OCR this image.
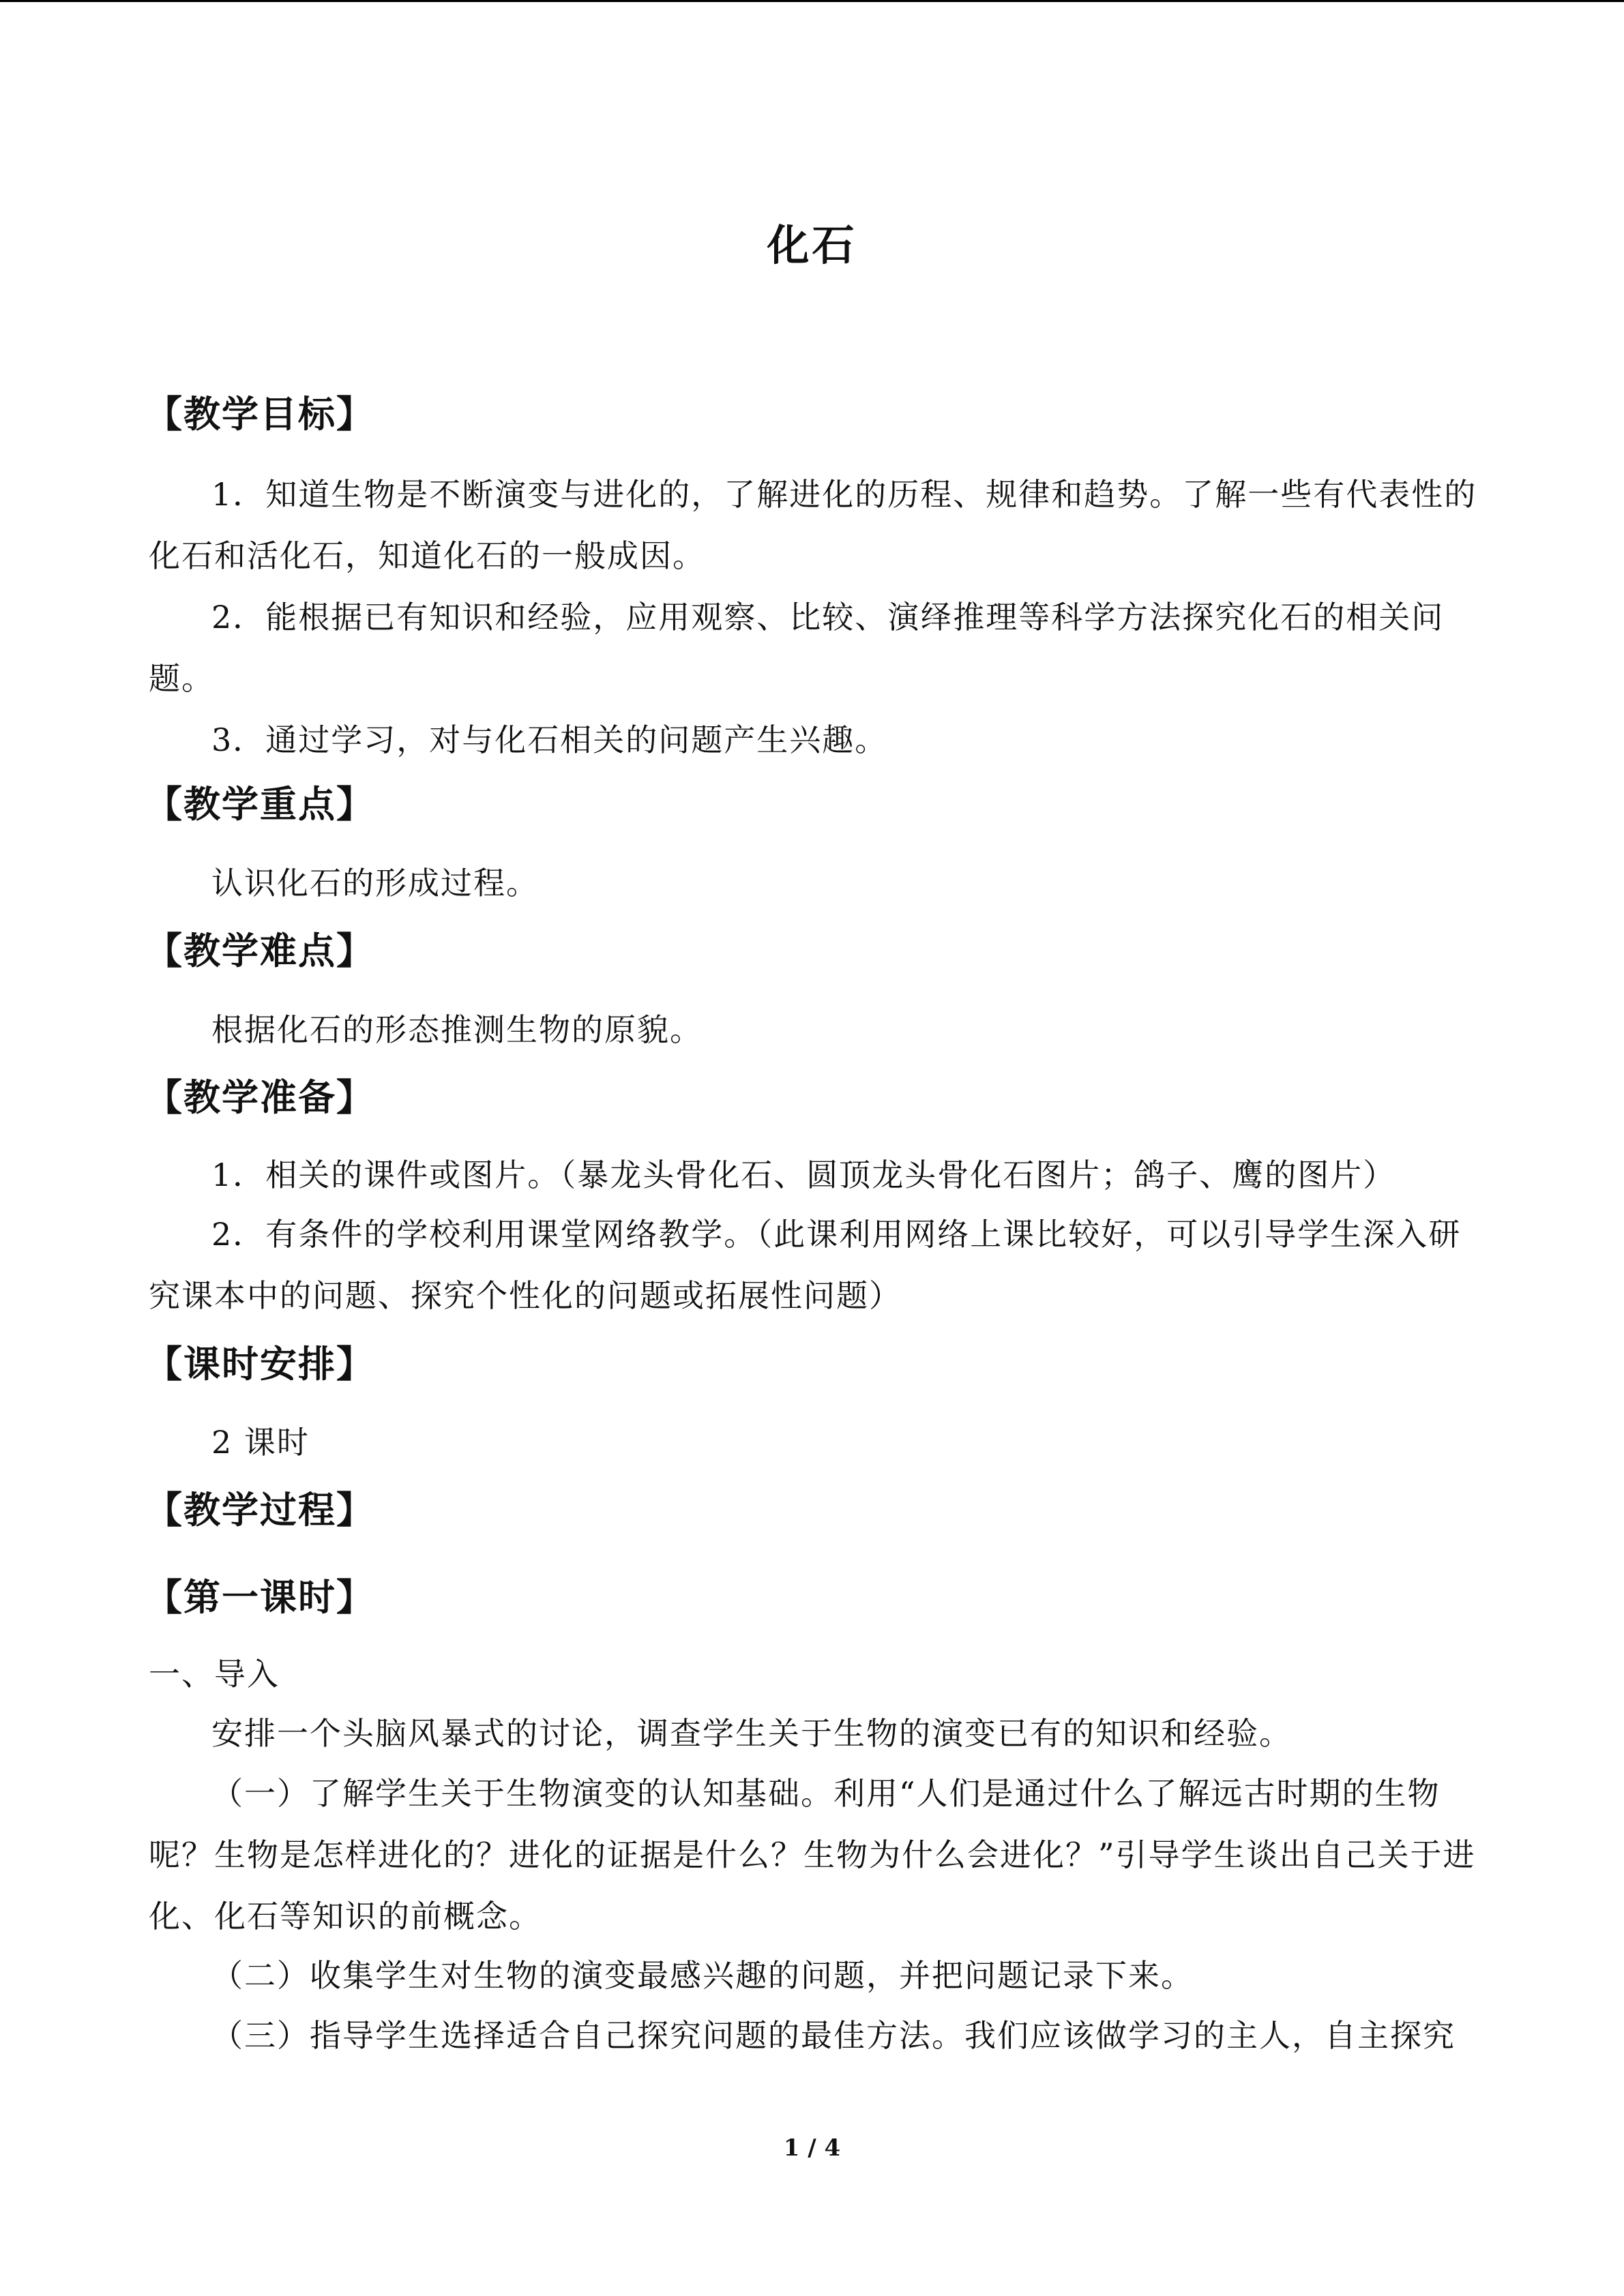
化石
【教学目标】
1．知道生物是不断演变与进化的，了解进化的历程、规律和趋势。了解一些有代表性的化石和活化石，知道化石的一般成因。
2．能根据已有知识和经验，应用观察、比较、演绎推理等科学方法探究化石的相关问题。
3．通过学习，对与化石相关的问题产生兴趣。
【教学重点】
认识化石的形成过程。
【教学难点】
根据化石的形态推测生物的原貌。
【教学准备】
1．相关的课件或图片。（暴龙头骨化石、圆顶龙头骨化石图片；鸽子、鹰的图片）
2．有条件的学校利用课堂网络教学。（此课利用网络上课比较好，可以引导学生深入研究课本中的问题、探究个性化的问题或拓展性问题）
【课时安排】
2 课时
【教学过程】
【第一课时】
一、导入
安排一个头脑风暴式的讨论，调查学生关于生物的演变已有的知识和经验。
（一）了解学生关于生物演变的认知基础。利用“人们是通过什么了解远古时期的生物呢？生物是怎样进化的？进化的证据是什么？生物为什么会进化？”引导学生谈出自己关于进化、化石等知识的前概念。
（二）收集学生对生物的演变最感兴趣的问题，并把问题记录下来。
（三）指导学生选择适合自己探究问题的最佳方法。我们应该做学习的主人，自主探究
1 / 4
